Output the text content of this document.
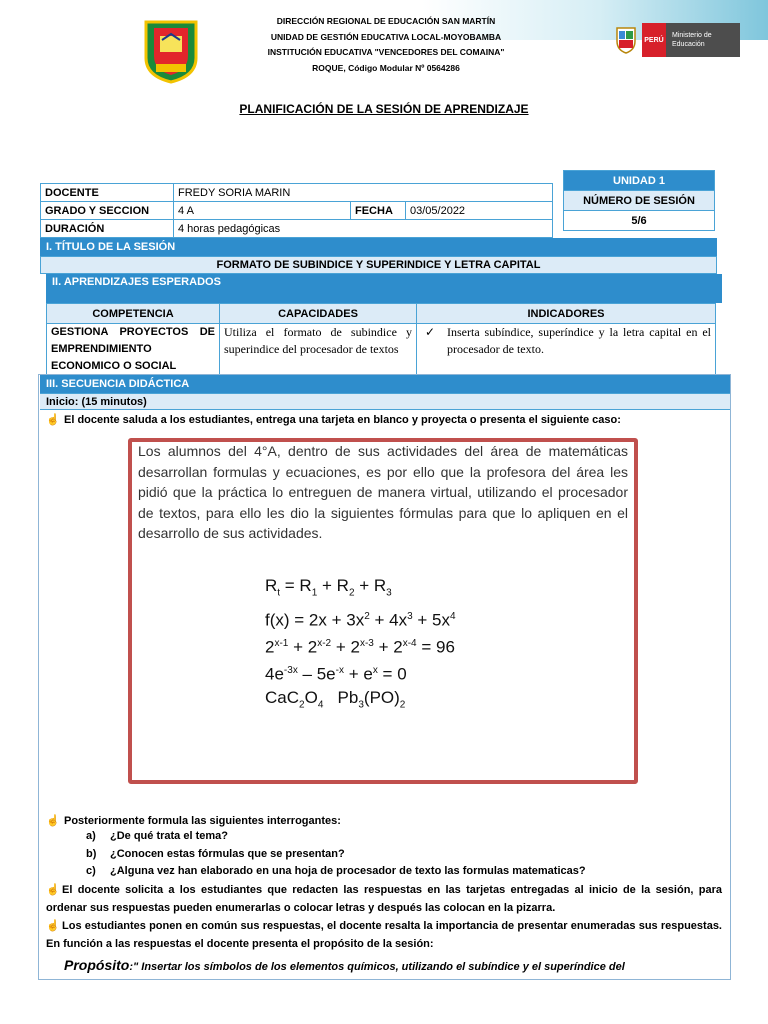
DIRECCIÓN REGIONAL DE EDUCACIÓN SAN MARTÍN
UNIDAD DE GESTIÓN EDUCATIVA LOCAL-MOYOBAMBA
INSTITUCIÓN EDUCATIVA "VENCEDORES DEL COMAINA"
ROQUE, Código Modular Nº 0564286
PERÚ
Ministerio de Educación
PLANIFICACIÓN DE LA SESIÓN DE APRENDIZAJE
DOCENTE	FREDY SORIA MARIN		
GRADO Y SECCION	4 A	FECHA	03/05/2022
DURACIÓN	4 horas pedagógicas		
UNIDAD 1
NÚMERO DE SESIÓN
5/6
I. TÍTULO DE LA SESIÓN
FORMATO DE SUBINDICE Y SUPERINDICE Y LETRA CAPITAL
II. APRENDIZAJES ESPERADOS
COMPETENCIA	CAPACIDADES	INDICADORES
GESTIONA PROYECTOS DE EMPRENDIMIENTO ECONOMICO O SOCIAL	Utiliza el formato de subindice y superindice del procesador de textos	✓ Inserta subíndice, superíndice y la letra capital en el procesador de texto.
III. SECUENCIA DIDÁCTICA
Inicio: (15 minutos)
☝ El docente saluda a los estudiantes, entrega una tarjeta en blanco y proyecta o presenta el siguiente caso:
Los alumnos del 4°A, dentro de sus actividades del área de matemáticas desarrollan formulas y ecuaciones, es por ello que la profesora del área les pidió que la práctica lo entreguen de manera virtual, utilizando el procesador de textos, para ello les dio la siguientes fórmulas para que lo apliquen en el desarrollo de sus actividades.
$R_t = R_1 + R_2 + R_3$
$f(x) = 2x + 3x^2 + 4x^3 + 5x^4$
$2^{x-1} + 2^{x-2} + 2^{x-3} + 2^{x-4} = 96$
$4e^{-3x} - 5e^{-x} + e^x = 0$
$CaC_2O_4$   $Pb_3(PO)_2$
☝ Posteriormente formula las siguientes interrogantes:
a) ¿De qué trata el tema?
b) ¿Conocen estas fórmulas que se presentan?
c) ¿Alguna vez han elaborado en una hoja de procesador de texto las formulas matematicas?
☝ El docente solicita a los estudiantes que redacten las respuestas en las tarjetas entregadas al inicio de la sesión, para ordenar sus respuestas pueden enumerarlas o colocar letras y después las colocan en la pizarra.
☝ Los estudiantes ponen en común sus respuestas, el docente resalta la importancia de presentar enumeradas sus respuestas. En función a las respuestas el docente presenta el propósito de la sesión:
Propósito:" Insertar los símbolos de los elementos químicos, utilizando el subíndice y el superíndice del
